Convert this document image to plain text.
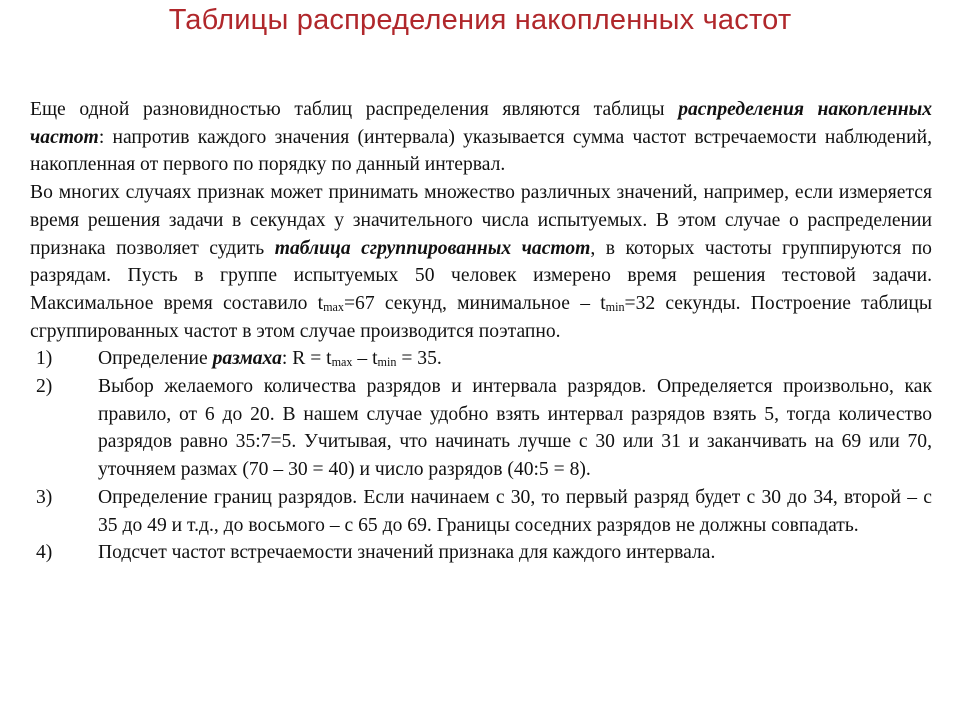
Таблицы распределения накопленных частот

Еще одной разновидностью таблиц распределения являются таблицы распределения накопленных частот: напротив каждого значения (интервала) указывается сумма частот встречаемости наблюдений, накопленная от первого по порядку по данный интервал.

Во многих случаях признак может принимать множество различных значений, например, если измеряется время решения задачи в секундах у значительного числа испытуемых. В этом случае о распределении признака позволяет судить таблица сгруппированных частот, в которых частоты группируются по разрядам. Пусть в группе испытуемых 50 человек измерено время решения тестовой задачи. Максимальное время составило $t_{max}=67$ секунд, минимальное – $t_{min}=32$ секунды. Построение таблицы сгруппированных частот в этом случае производится поэтапно.

1)	Определение размаха: $R = t_{max} - t_{min} = 35$.
2)	Выбор желаемого количества разрядов и интервала разрядов. Определяется произвольно, как правило, от 6 до 20. В нашем случае удобно взять интервал разрядов взять 5, тогда количество разрядов равно 35:7=5. Учитывая, что начинать лучше с 30 или 31 и заканчивать на 69 или 70, уточняем размах (70 – 30 = 40) и число разрядов (40:5 = 8).
3)	Определение границ разрядов. Если начинаем с 30, то первый разряд будет с 30 до 34, второй – с 35 до 49 и т.д., до восьмого – с 65 до 69. Границы соседних разрядов не должны совпадать.
4)	Подсчет частот встречаемости значений признака для каждого интервала.
